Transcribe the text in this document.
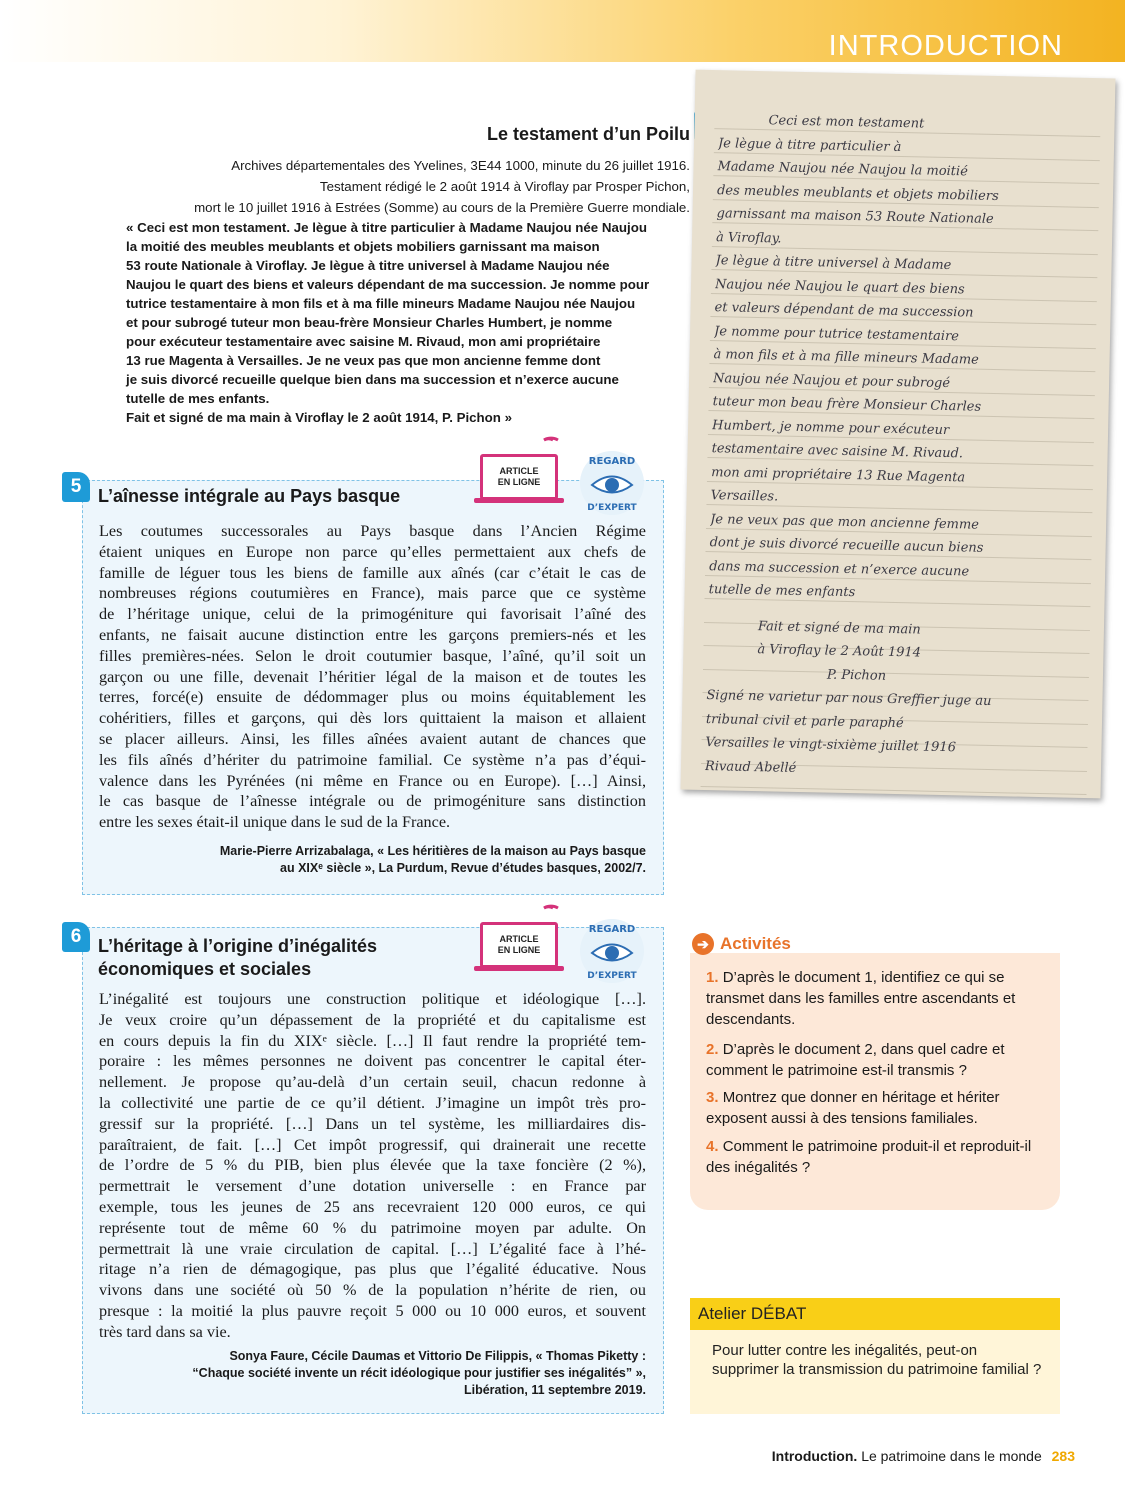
INTRODUCTION
Le testament d’un Poilu
Archives départementales des Yvelines, 3E44 1000, minute du 26 juillet 1916.
Testament rédigé le 2 août 1914 à Viroflay par Prosper Pichon,
mort le 10 juillet 1916 à Estrées (Somme) au cours de la Première Guerre mondiale.
« Ceci est mon testament. Je lègue à titre particulier à Madame Naujou née Naujou
la moitié des meubles meublants et objets mobiliers garnissant ma maison
53 route Nationale à Viroflay. Je lègue à titre universel à Madame Naujou née
Naujou le quart des biens et valeurs dépendant de ma succession. Je nomme pour
tutrice testamentaire à mon fils et à ma fille mineurs Madame Naujou née Naujou
et pour subrogé tuteur mon beau-frère Monsieur Charles Humbert, je nomme
pour exécuteur testamentaire avec saisine M. Rivaud, mon ami propriétaire
13 rue Magenta à Versailles. Je ne veux pas que mon ancienne femme dont
je suis divorcé recueille quelque bien dans ma succession et n’exerce aucune
tutelle de mes enfants.
Fait et signé de ma main à Viroflay le 2 août 1914, P. Pichon »
Ceci est mon testament
Je lègue à titre particulier à
Madame Naujou née Naujou la moitié
des meubles meublants et objets mobiliers
garnissant ma maison 53 Route Nationale
à Viroflay.
Je lègue à titre universel à Madame
Naujou née Naujou le quart des biens
et valeurs dépendant de ma succession
Je nomme pour tutrice testamentaire
à mon fils et à ma fille mineurs Madame
Naujou née Naujou et pour subrogé
tuteur mon beau frère Monsieur Charles
Humbert, je nomme pour exécuteur
testamentaire avec saisine M. Rivaud.
mon ami propriétaire 13 Rue Magenta
Versailles.
Je ne veux pas que mon ancienne femme
dont je suis divorcé recueille aucun biens
dans ma succession et n’exerce aucune
tutelle de mes enfants
Fait et signé de ma main
à Viroflay le 2 Août 1914
P. Pichon
Signé ne varietur par nous Greffier juge au
tribunal civil et parle paraphé
Versailles le vingt-sixième juillet 1916
Rivaud Abellé
5 L’aînesse intégrale au Pays basque
ARTICLE
EN LIGNE
REGARD
D’EXPERT
Les coutumes successorales au Pays basque dans l’Ancien Régime
étaient uniques en Europe non parce qu’elles permettaient aux chefs de
famille de léguer tous les biens de famille aux aînés (car c’était le cas de
nombreuses régions coutumières en France), mais parce que ce système
de l’héritage unique, celui de la primogéniture qui favorisait l’aîné des
enfants, ne faisait aucune distinction entre les garçons premiers-nés et les
filles premières-nées. Selon le droit coutumier basque, l’aîné, qu’il soit un
garçon ou une fille, devenait l’héritier légal de la maison et de toutes les
terres, forcé(e) ensuite de dédommager plus ou moins équitablement les
cohéritiers, filles et garçons, qui dès lors quittaient la maison et allaient
se placer ailleurs. Ainsi, les filles aînées avaient autant de chances que
les fils aînés d’hériter du patrimoine familial. Ce système n’a pas d’équi-
valence dans les Pyrénées (ni même en France ou en Europe). […] Ainsi,
le cas basque de l’aînesse intégrale ou de primogéniture sans distinction
entre les sexes était-il unique dans le sud de la France.
Marie-Pierre Arrizabalaga, « Les héritières de la maison au Pays basque
au XIXᵉ siècle », La Purdum, Revue d’études basques, 2002/7.
6 L’héritage à l’origine d’inégalités
économiques et sociales
ARTICLE
EN LIGNE
REGARD
D’EXPERT
L’inégalité est toujours une construction politique et idéologique […].
Je veux croire qu’un dépassement de la propriété et du capitalisme est
en cours depuis la fin du XIXᵉ siècle. […] Il faut rendre la propriété tem-
poraire : les mêmes personnes ne doivent pas concentrer le capital éter-
nellement. Je propose qu’au-delà d’un certain seuil, chacun redonne à
la collectivité une partie de ce qu’il détient. J’imagine un impôt très pro-
gressif sur la propriété. […] Dans un tel système, les milliardaires dis-
paraîtraient, de fait. […] Cet impôt progressif, qui drainerait une recette
de l’ordre de 5 % du PIB, bien plus élevée que la taxe foncière (2 %),
permettrait le versement d’une dotation universelle : en France par
exemple, tous les jeunes de 25 ans recevraient 120 000 euros, ce qui
représente tout de même 60 % du patrimoine moyen par adulte. On
permettrait là une vraie circulation de capital. […] L’égalité face à l’hé-
ritage n’a rien de démagogique, pas plus que l’égalité éducative. Nous
vivons dans une société où 50 % de la population n’hérite de rien, ou
presque : la moitié la plus pauvre reçoit 5 000 ou 10 000 euros, et souvent
très tard dans sa vie.
Sonya Faure, Cécile Daumas et Vittorio De Filippis, « Thomas Piketty :
“Chaque société invente un récit idéologique pour justifier ses inégalités” »,
Libération, 11 septembre 2019.
➔ Activités
1. D’après le document 1, identifiez ce qui se transmet dans les familles entre ascendants et descendants.
2. D’après le document 2, dans quel cadre et comment le patrimoine est-il transmis ?
3. Montrez que donner en héritage et hériter exposent aussi à des tensions familiales.
4. Comment le patrimoine produit-il et reproduit-il des inégalités ?
Atelier DÉBAT
Pour lutter contre les inégalités, peut-on supprimer la transmission du patrimoine familial ?
Introduction. Le patrimoine dans le monde 283
